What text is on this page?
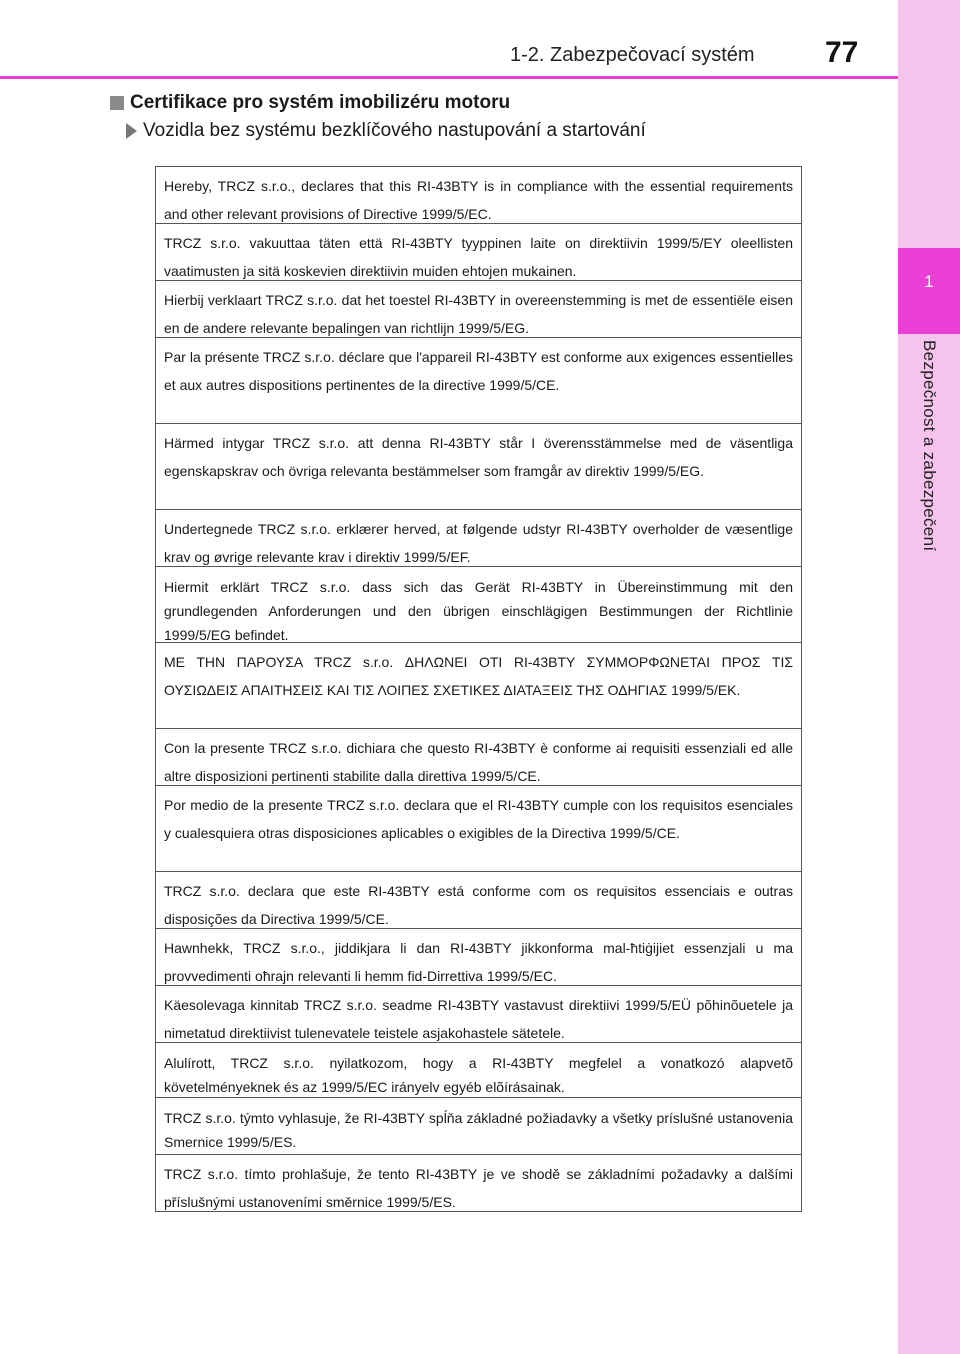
1
Bezpečnost a zabezpečení
1-2. Zabezpečovací systém 77
Certifikace pro systém imobilizéru motoru
Vozidla bez systému bezklíčového nastupování a startování
Hereby, TRCZ s.r.o., declares that this RI-43BTY is in compliance with the essential requirements and other relevant provisions of Directive 1999/5/EC.
TRCZ s.r.o. vakuuttaa täten että RI-43BTY tyyppinen laite on direktiivin 1999/5/EY oleellisten vaatimusten ja sitä koskevien direktiivin muiden ehtojen mukainen.
Hierbij verklaart TRCZ s.r.o. dat het toestel RI-43BTY in overeenstemming is met de essentiële eisen en de andere relevante bepalingen van richtlijn 1999/5/EG.
Par la présente TRCZ s.r.o. déclare que l'appareil RI-43BTY est conforme aux exigences essentielles et aux autres dispositions pertinentes de la directive 1999/5/CE.
Härmed intygar TRCZ s.r.o. att denna RI-43BTY står I överensstämmelse med de väsentliga egenskapskrav och övriga relevanta bestämmelser som framgår av direktiv 1999/5/EG.
Undertegnede TRCZ s.r.o. erklærer herved, at følgende udstyr RI-43BTY overholder de væsentlige krav og øvrige relevante krav i direktiv 1999/5/EF.
Hiermit erklärt TRCZ s.r.o. dass sich das Gerät RI-43BTY in Übereinstimmung mit den grundlegenden Anforderungen und den übrigen einschlägigen Bestimmungen der Richtlinie 1999/5/EG befindet.
ΜΕ ΤΗΝ ΠΑΡΟΥΣΑ TRCZ s.r.o. ΔΗΛΩΝΕΙ ΟΤΙ RI-43BTY ΣΥΜΜΟΡΦΩΝΕΤΑΙ ΠΡΟΣ ΤΙΣ ΟΥΣΙΩΔΕΙΣ ΑΠΑΙΤΗΣΕΙΣ ΚΑΙ ΤΙΣ ΛΟΙΠΕΣ ΣΧΕΤΙΚΕΣ ΔΙΑΤΑΞΕΙΣ ΤΗΣ ΟΔΗΓΙΑΣ 1999/5/ΕΚ.
Con la presente TRCZ s.r.o. dichiara che questo RI-43BTY è conforme ai requisiti essenziali ed alle altre disposizioni pertinenti stabilite dalla direttiva 1999/5/CE.
Por medio de la presente TRCZ s.r.o. declara que el RI-43BTY cumple con los requisitos esenciales y cualesquiera otras disposiciones aplicables o exigibles de la Directiva 1999/5/CE.
TRCZ s.r.o. declara que este RI-43BTY está conforme com os requisitos essenciais e outras disposições da Directiva 1999/5/CE.
Hawnhekk, TRCZ s.r.o., jiddikjara li dan RI-43BTY jikkonforma mal-ħtiġijiet essenzjali u ma provvedimenti oħrajn relevanti li hemm fid-Dirrettiva 1999/5/EC.
Käesolevaga kinnitab TRCZ s.r.o. seadme RI-43BTY vastavust direktiivi 1999/5/EÜ põhinõuetele ja nimetatud direktiivist tulenevatele teistele asjakohastele sätetele.
Alulírott, TRCZ s.r.o. nyilatkozom, hogy a RI-43BTY megfelel a vonatkozó alapvetõ követelményeknek és az 1999/5/EC irányelv egyéb elõírásainak.
TRCZ s.r.o. týmto vyhlasuje, že RI-43BTY spĺňa základné požiadavky a všetky príslušné ustanovenia Smernice 1999/5/ES.
TRCZ s.r.o. tímto prohlašuje, že tento RI-43BTY je ve shodě se základními požadavky a dalšími příslušnými ustanoveními směrnice 1999/5/ES.
